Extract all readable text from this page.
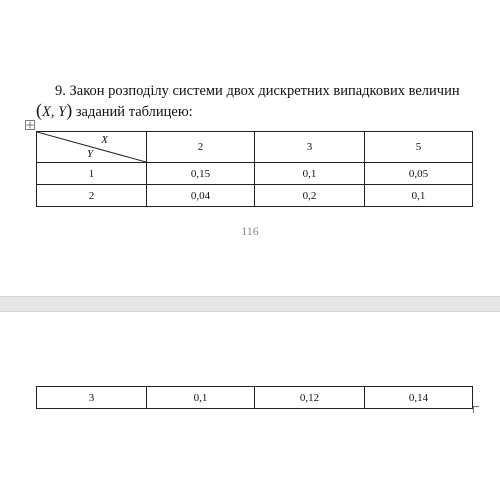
9. Закон розподілу системи двох дискретних випадкових величин
(X, Y) заданий таблицею:
X
Y	2	3	5
1	0,15	0,1	0,05
2	0,04	0,2	0,1
116
3	0,1	0,12	0,14
